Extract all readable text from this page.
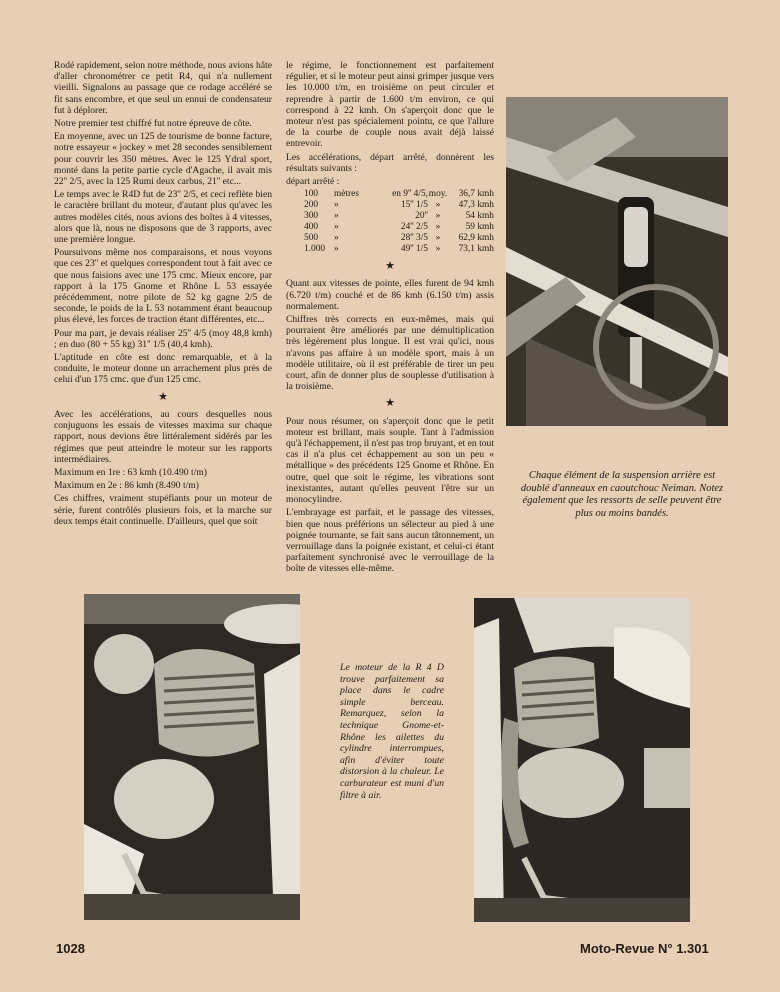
Rodé rapidement, selon notre méthode, nous avions hâte d'aller chronométrer ce petit R4, qui n'a nullement vieilli. Signalons au passage que ce rodage accéléré se fit sans encombre, et que seul un ennui de condensateur fut à déplorer.

Notre premier test chiffré fut notre épreuve de côte.

En moyenne, avec un 125 de tourisme de bonne facture, notre essayeur « jockey » met 28 secondes sensiblement pour couvrir les 350 mètres. Avec le 125 Ydral sport, monté dans la petite partie cycle d'Agache, il avait mis 22'' 2/5, avec la 125 Rumi deux carbus, 21'' etc...

Le temps avec le R4D fut de 23'' 2/5, et ceci reflète bien le caractère brillant du moteur, d'autant plus qu'avec les autres modèles cités, nous avions des boîtes à 4 vitesses, alors que là, nous ne disposons que de 3 rapports, avec une première longue.

Poursuivons même nos comparaisons, et nous voyons que ces 23'' et quelques correspondent tout à fait avec ce que nous faisions avec une 175 cmc. Mieux encore, par rapport à la 175 Gnome et Rhône L 53 essayée précédemment, notre pilote de 52 kg gagne 2/5 de seconde, le poids de la L 53 notamment étant beaucoup plus élevé, les forces de traction étant différentes, etc...

Pour ma part, je devais réaliser 25'' 4/5 (moy 48,8 kmh) ; en duo (80 + 55 kg) 31'' 1/5 (40,4 kmh).

L'aptitude en côte est donc remarquable, et à la conduite, le moteur donne un arrachement plus près de celui d'un 175 cmc. que d'un 125 cmc.

★

Avec les accélérations, au cours desquelles nous conjuguons les essais de vitesses maxima sur chaque rapport, nous devions être littéralement sidérés par les régimes que peut atteindre le moteur sur les rapports intermédiaires.

Maximum en 1re : 63 kmh (10.490 t/m)

Maximum en 2e : 86 kmh (8.490 t/m)

Ces chiffres, vraiment stupéfiants pour un moteur de série, furent contrôlés plusieurs fois, et la marche sur deux temps était continuelle. D'ailleurs, quel que soit

le régime, le fonctionnement est parfaitement régulier, et si le moteur peut ainsi grimper jusque vers les 10.000 t/m, en troisième on peut circuler et reprendre à partir de 1.600 t/m environ, ce qui correspond à 22 kmh. On s'aperçoit donc que le moteur n'est pas spécialement pointu, ce que l'allure de la courbe de couple nous avait déjà laissé entrevoir.

Les accélérations, départ arrêté, donnèrent les résultats suivants :

départ arrêté :

100	mètres	en 9'' 4/5, moy.	36,7 kmh
200	»	15'' 1/5 »	47,3 kmh
300	»	20'' »	54 kmh
400	»	24'' 2/5 »	59 kmh
500	»	28'' 3/5 »	62,9 kmh
1.000 »	49'' 1/5 »	73,1 kmh
★

Quant aux vitesses de pointe, elles furent de 94 kmh (6.720 t/m) couché et de 86 kmh (6.150 t/m) assis normalement.

Chiffres très corrects en eux-mêmes, mais qui pourraient être améliorés par une démultiplication très légèrement plus longue. Il est vrai qu'ici, nous n'avons pas affaire à un modèle sport, mais à un modèle utilitaire, où il est préférable de tirer un peu court, afin de donner plus de souplesse d'utilisation à la troisième.

★

Pour nous résumer, on s'aperçoit donc que le petit moteur est brillant, mais souple. Tant à l'admission qu'à l'échappement, il n'est pas trop bruyant, et en tout cas il n'a plus cet échappement au son un peu « métallique » des précédents 125 Gnome et Rhône. En outre, quel que soit le régime, les vibrations sont inexistantes, autant qu'elles peuvent l'être sur un monocylindre.

L'embrayage est parfait, et le passage des vitesses, bien que nous préférions un sélecteur au pied à une poignée tournante, se fait sans aucun tâtonnement, un verrouillage dans la poignée existant, et celui-ci étant parfaitement synchronisé avec le verrouillage de la boîte de vitesses elle-même.

Chaque élément de la suspension arrière est doublé d'anneaux en caoutchouc Neiman. Notez également que les ressorts de selle peuvent être plus ou moins bandés.
Le moteur de la R 4 D trouve parfaitement sa place dans le cadre simple berceau. Remarquez, selon la technique Gnome-et-Rhône les ailettes du cylindre interrompues, afin d'éviter toute distorsion à la chaleur. Le carburateur est muni d'un filtre à air.
1028	Moto-Revue N° 1.301
